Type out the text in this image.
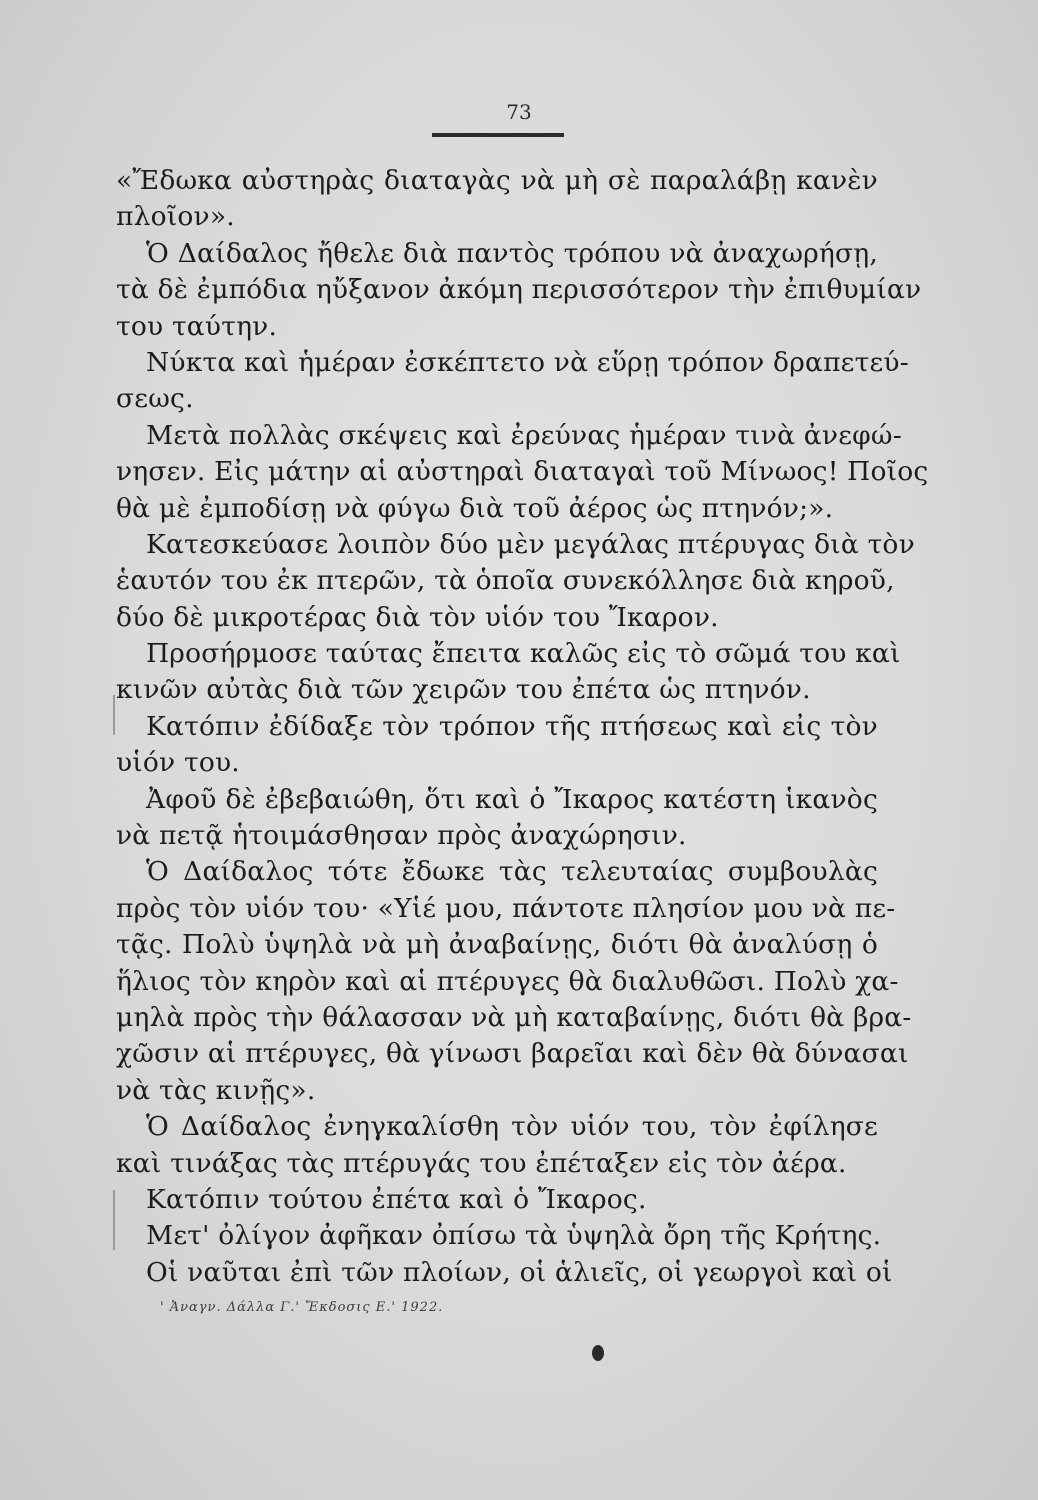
73
«Ἔδωκα αὐστηρὰς διαταγὰς νὰ μὴ σὲ παραλάβῃ κανὲν
πλοῖον».
Ὁ Δαίδαλος ἤθελε διὰ παντὸς τρόπου νὰ ἀναχωρήσῃ,
τὰ δὲ ἐμπόδια ηὔξανον ἀκόμη περισσότερον τὴν ἐπιθυμίαν
του ταύτην.
Νύκτα καὶ ἡμέραν ἐσκέπτετο νὰ εὕρῃ τρόπον δραπετεύ-
σεως.
Μετὰ πολλὰς σκέψεις καὶ ἐρεύνας ἡμέραν τινὰ ἀνεφώ-
νησεν. Εἰς μάτην αἱ αὐστηραὶ διαταγαὶ τοῦ Μίνωος! Ποῖος
θὰ μὲ ἐμποδίσῃ νὰ φύγω διὰ τοῦ ἀέρος ὡς πτηνόν;».
Κατεσκεύασε λοιπὸν δύο μὲν μεγάλας πτέρυγας διὰ τὸν
ἑαυτόν του ἐκ πτερῶν, τὰ ὁποῖα συνεκόλλησε διὰ κηροῦ,
δύο δὲ μικροτέρας διὰ τὸν υἱόν του Ἴκαρον.
Προσήρμοσε ταύτας ἔπειτα καλῶς εἰς τὸ σῶμά του καὶ
κινῶν αὐτὰς διὰ τῶν χειρῶν του ἐπέτα ὡς πτηνόν.
Κατόπιν ἐδίδαξε τὸν τρόπον τῆς πτήσεως καὶ εἰς τὸν
υἱόν του.
Ἀφοῦ δὲ ἐβεβαιώθη, ὅτι καὶ ὁ Ἴκαρος κατέστη ἱκανὸς
νὰ πετᾷ ἡτοιμάσθησαν πρὸς ἀναχώρησιν.
Ὁ Δαίδαλος τότε ἔδωκε τὰς τελευταίας συμβουλὰς
πρὸς τὸν υἱόν του· «Υἱέ μου, πάντοτε πλησίον μου νὰ πε-
τᾷς. Πολὺ ὑψηλὰ νὰ μὴ ἀναβαίνῃς, διότι θὰ ἀναλύσῃ ὁ
ἥλιος τὸν κηρὸν καὶ αἱ πτέρυγες θὰ διαλυθῶσι. Πολὺ χα-
μηλὰ πρὸς τὴν θάλασσαν νὰ μὴ καταβαίνῃς, διότι θὰ βρα-
χῶσιν αἱ πτέρυγες, θὰ γίνωσι βαρεῖαι καὶ δὲν θὰ δύνασαι
νὰ τὰς κινῇς».
Ὁ Δαίδαλος ἐνηγκαλίσθη τὸν υἱόν του, τὸν ἐφίλησε
καὶ τινάξας τὰς πτέρυγάς του ἐπέταξεν εἰς τὸν ἀέρα.
Κατόπιν τούτου ἐπέτα καὶ ὁ Ἴκαρος.
Μετ' ὀλίγον ἀφῆκαν ὀπίσω τὰ ὑψηλὰ ὄρη τῆς Κρήτης.
Οἱ ναῦται ἐπὶ τῶν πλοίων, οἱ ἁλιεῖς, οἱ γεωργοὶ καὶ οἱ
' Ἀναγν. Δάλλα Γ.' Ἔκδοσις Ε.' 1922.
